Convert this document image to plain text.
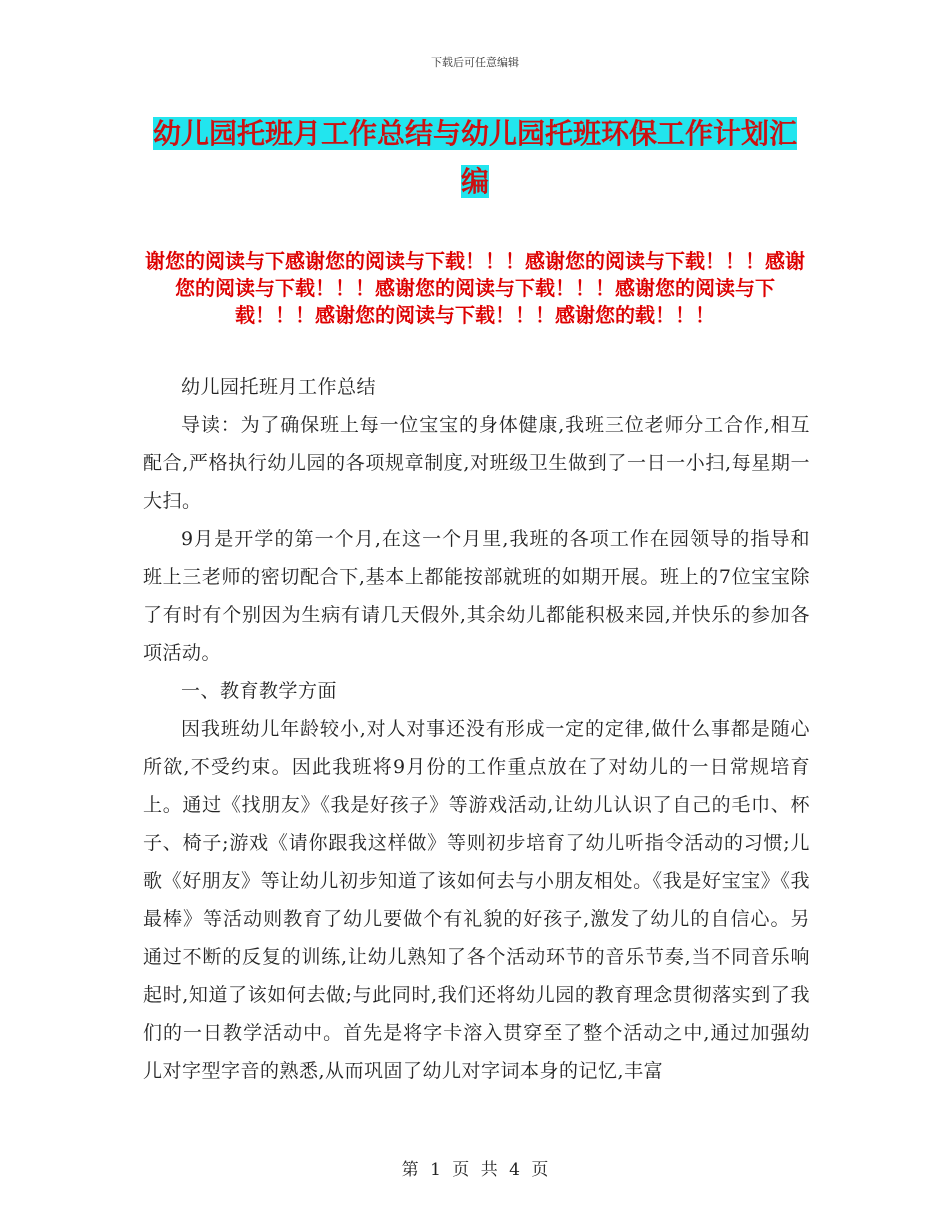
下载后可任意编辑
幼儿园托班月工作总结与幼儿园托班环保工作计划汇
编

谢您的阅读与下感谢您的阅读与下载！！！感谢您的阅读与下载！！！感谢您的阅读与下载！！！感谢您的阅读与下载！！！感谢您的阅读与下载！！！感谢您的阅读与下载！！！感谢您的载！！！

幼儿园托班月工作总结

导读：为了确保班上每一位宝宝的身体健康,我班三位老师分工合作,相互配合,严格执行幼儿园的各项规章制度,对班级卫生做到了一日一小扫,每星期一大扫。

9月是开学的第一个月,在这一个月里,我班的各项工作在园领导的指导和班上三老师的密切配合下,基本上都能按部就班的如期开展。班上的7位宝宝除了有时有个别因为生病有请几天假外,其余幼儿都能积极来园,并快乐的参加各项活动。

一、教育教学方面

因我班幼儿年龄较小,对人对事还没有形成一定的定律,做什么事都是随心所欲,不受约束。因此我班将9月份的工作重点放在了对幼儿的一日常规培育上。通过《找朋友》《我是好孩子》等游戏活动,让幼儿认识了自己的毛巾、杯子、椅子;游戏《请你跟我这样做》等则初步培育了幼儿听指令活动的习惯;儿歌《好朋友》等让幼儿初步知道了该如何去与小朋友相处。《我是好宝宝》《我最棒》等活动则教育了幼儿要做个有礼貌的好孩子,激发了幼儿的自信心。另通过不断的反复的训练,让幼儿熟知了各个活动环节的音乐节奏,当不同音乐响起时,知道了该如何去做;与此同时,我们还将幼儿园的教育理念贯彻落实到了我们的一日教学活动中。首先是将字卡溶入贯穿至了整个活动之中,通过加强幼儿对字型字音的熟悉,从而巩固了幼儿对字词本身的记忆,丰富

第 1 页 共 4 页
